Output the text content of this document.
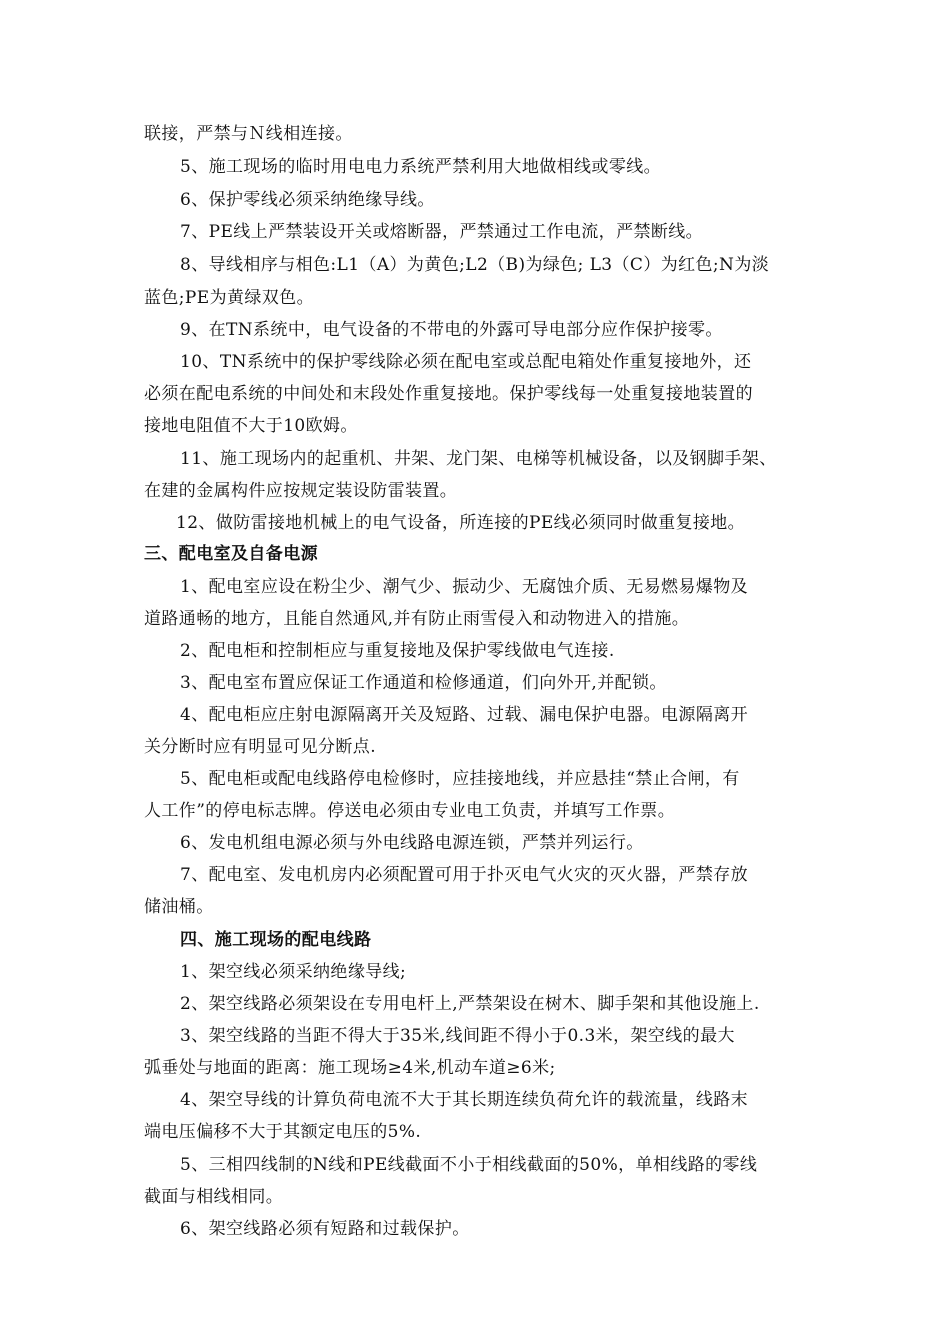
联接，严禁与Ｎ线相连接。
5、施工现场的临时用电电力系统严禁利用大地做相线或零线。
6、保护零线必须采纳绝缘导线。
7、PE线上严禁装设开关或熔断器，严禁通过工作电流，严禁断线。
8、导线相序与相色:L1（A）为黄色;L2（B)为绿色; L3（C）为红色;N为淡
蓝色;PE为黄绿双色。
9、在TN系统中，电气设备的不带电的外露可导电部分应作保护接零。
10、TN系统中的保护零线除必须在配电室或总配电箱处作重复接地外，还
必须在配电系统的中间处和末段处作重复接地。保护零线每一处重复接地装置的
接地电阻值不大于10欧姆。
11、施工现场内的起重机、井架、龙门架、电梯等机械设备，以及钢脚手架、
在建的金属构件应按规定装设防雷装置。
12、做防雷接地机械上的电气设备，所连接的PE线必须同时做重复接地。
三、配电室及自备电源
1、配电室应设在粉尘少、潮气少、振动少、无腐蚀介质、无易燃易爆物及
道路通畅的地方，且能自然通风,并有防止雨雪侵入和动物进入的措施。
2、配电柜和控制柜应与重复接地及保护零线做电气连接.
3、配电室布置应保证工作通道和检修通道，们向外开,并配锁。
4、配电柜应庄射电源隔离开关及短路、过载、漏电保护电器。电源隔离开
关分断时应有明显可见分断点.
5、配电柜或配电线路停电检修时，应挂接地线，并应悬挂“禁止合闸，有
人工作”的停电标志牌。停送电必须由专业电工负责，并填写工作票。
6、发电机组电源必须与外电线路电源连锁，严禁并列运行。
7、配电室、发电机房内必须配置可用于扑灭电气火灾的灭火器，严禁存放
储油桶。
四、施工现场的配电线路
1、架空线必须采纳绝缘导线;
2、架空线路必须架设在专用电杆上,严禁架设在树木、脚手架和其他设施上.
3、架空线路的当距不得大于35米,线间距不得小于0.3米，架空线的最大
弧垂处与地面的距离：施工现场≥4米,机动车道≥6米;
4、架空导线的计算负荷电流不大于其长期连续负荷允许的载流量，线路末
端电压偏移不大于其额定电压的5%.
5、三相四线制的N线和PE线截面不小于相线截面的50%，单相线路的零线
截面与相线相同。
6、架空线路必须有短路和过载保护。
